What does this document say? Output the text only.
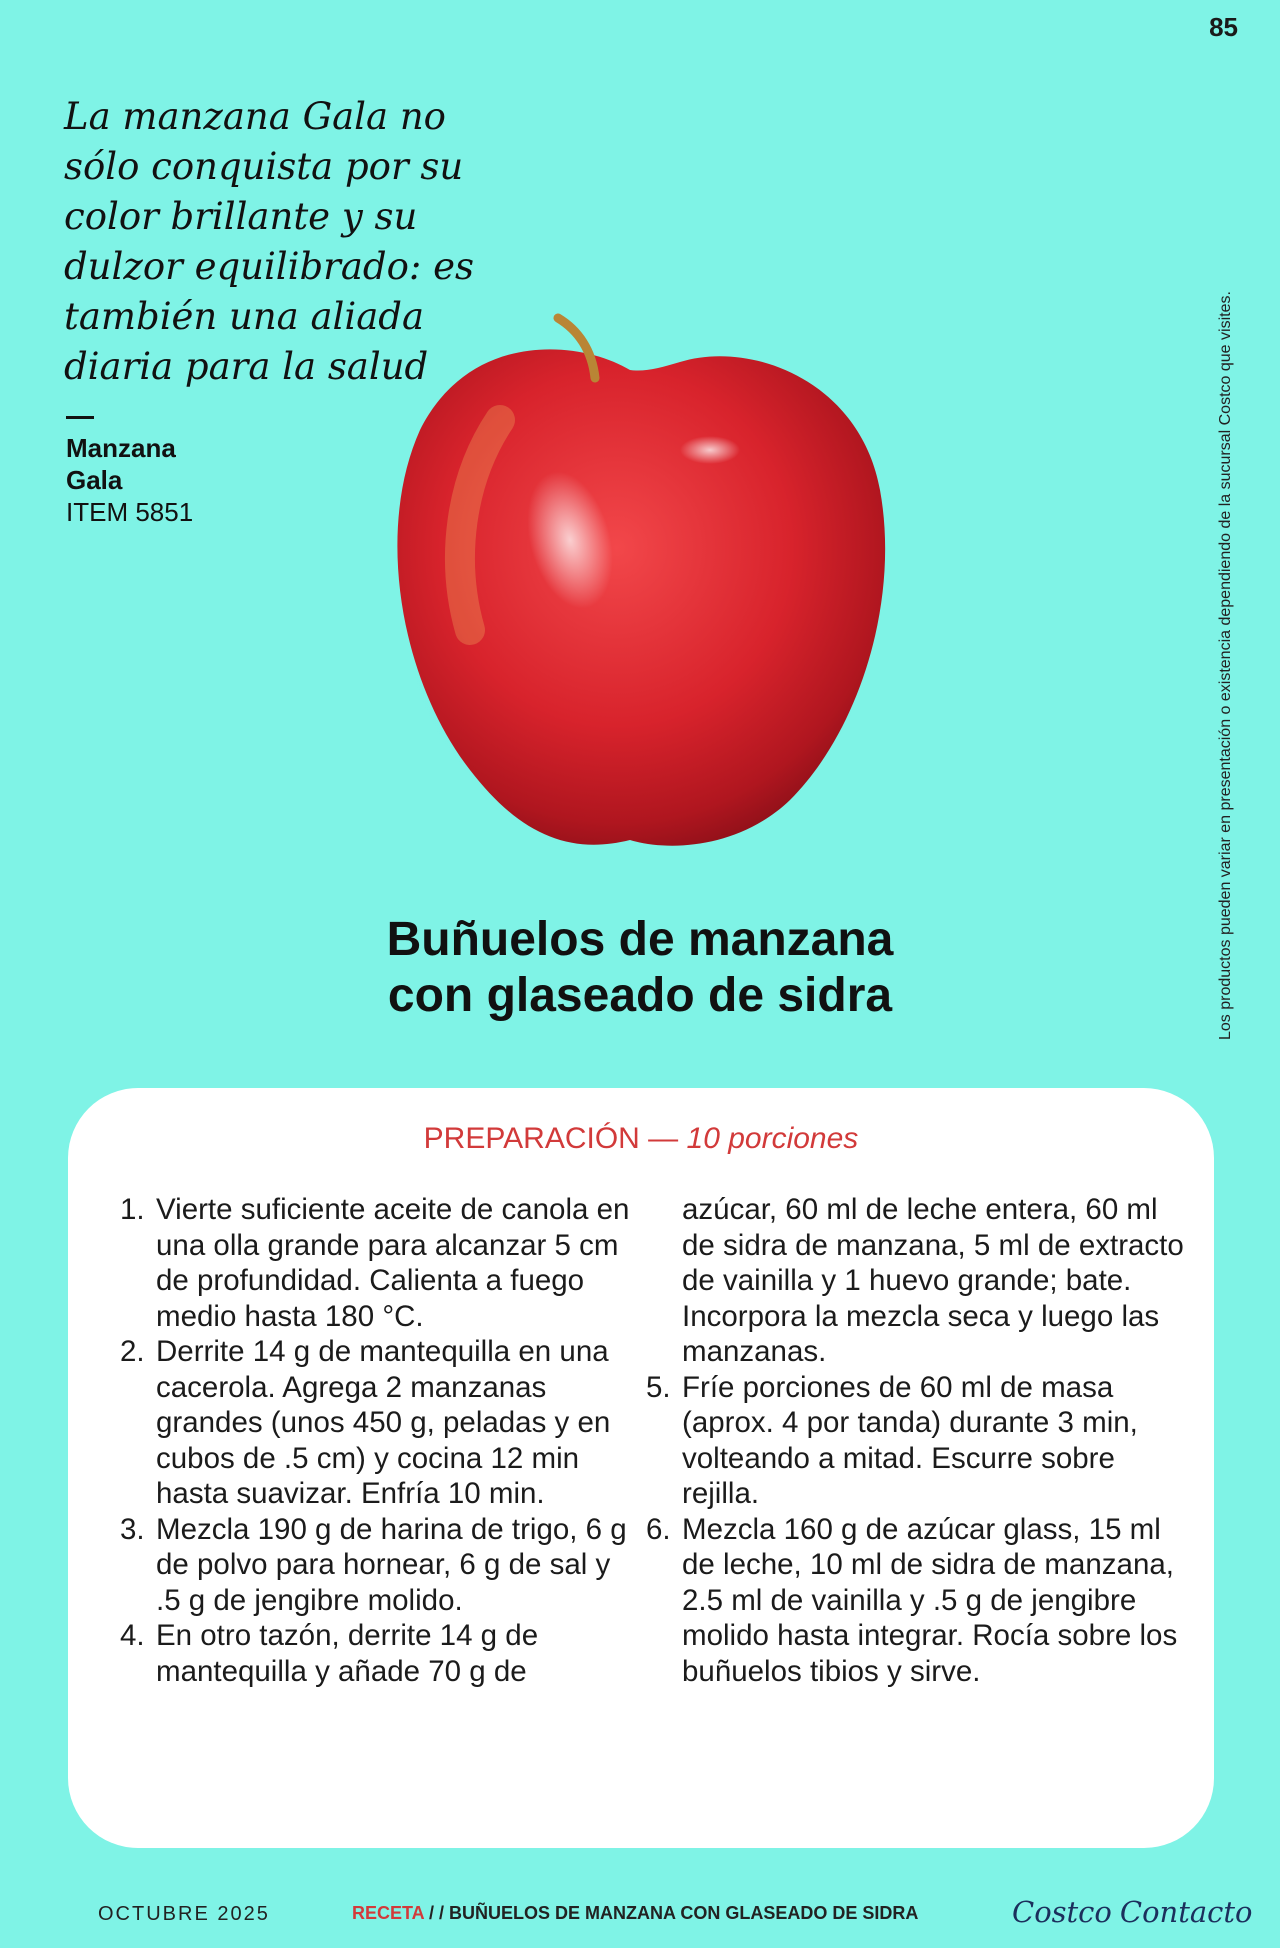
85
La manzana Gala no sólo conquista por su color brillante y su dulzor equilibrado: es también una aliada diaria para la salud
Manzana
Gala
ITEM 5851	Los productos pueden variar en presentación o existencia dependiendo de la sucursal Costco que visites.
Buñuelos de manzana
con glaseado de sidra
PREPARACIÓN — 10 porciones
1. Vierte suficiente aceite de canola en una olla grande para alcanzar 5 cm de profundidad. Calienta a fuego medio hasta 180 °C.
2. Derrite 14 g de mantequilla en una cacerola. Agrega 2 manzanas grandes (unos 450 g, peladas y en cubos de .5 cm) y cocina 12 min hasta suavizar. Enfría 10 min.
3. Mezcla 190 g de harina de trigo, 6 g de polvo para hornear, 6 g de sal y .5 g de jengibre molido.
4. En otro tazón, derrite 14 g de mantequilla y añade 70 g de
azúcar, 60 ml de leche entera, 60 ml de sidra de manzana, 5 ml de extracto de vainilla y 1 huevo grande; bate. Incorpora la mezcla seca y luego las manzanas.
5. Fríe porciones de 60 ml de masa (aprox. 4 por tanda) durante 3 min, volteando a mitad. Escurre sobre rejilla.
6. Mezcla 160 g de azúcar glass, 15 ml de leche, 10 ml de sidra de manzana, 2.5 ml de vainilla y .5 g de jengibre molido hasta integrar. Rocía sobre los buñuelos tibios y sirve.
OCTUBRE 2025	RECETA / / BUÑUELOS DE MANZANA CON GLASEADO DE SIDRA	Costco Contacto
